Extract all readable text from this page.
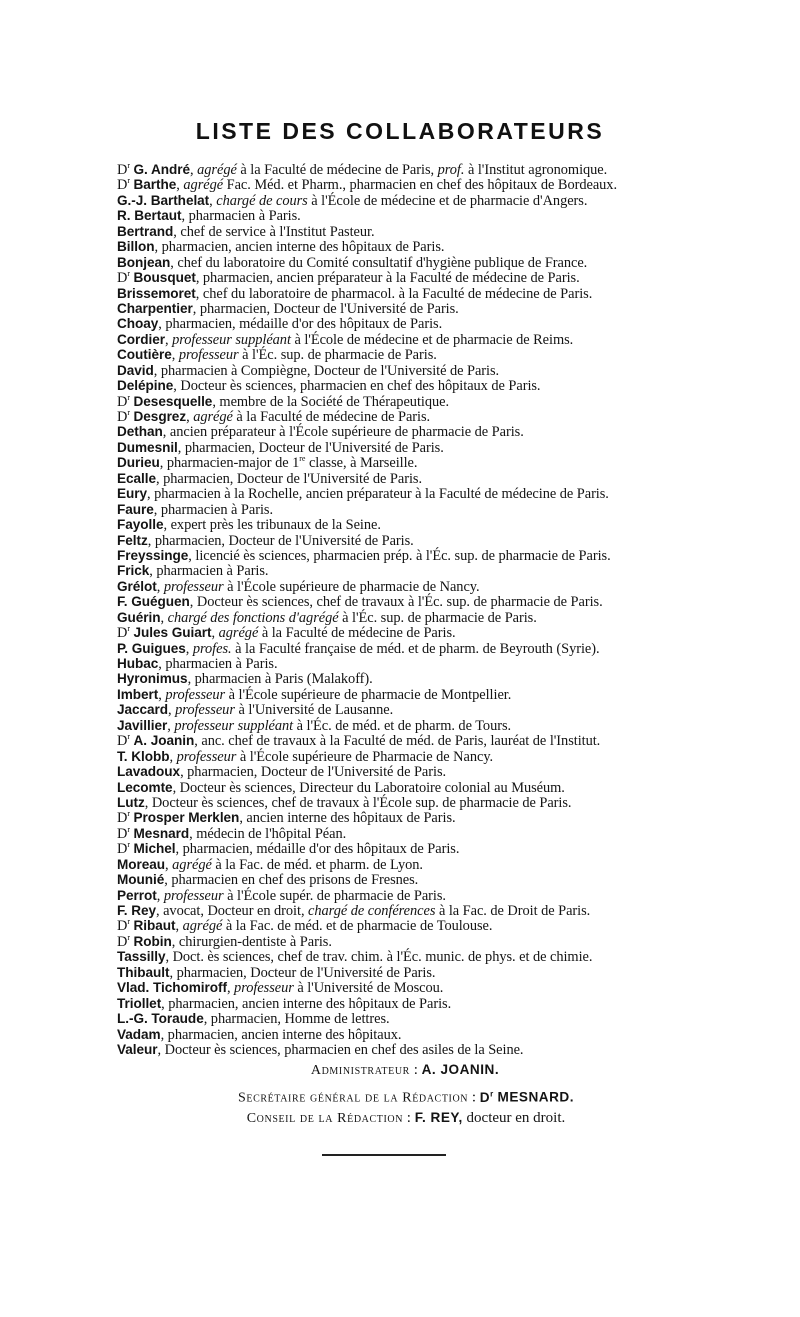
LISTE DES COLLABORATEURS
$D^r$ G. André, agrégé à la Faculté de médecine de Paris, prof. à l'Institut agronomique.
$D^r$ Barthe, agrégé Fac. Méd. et Pharm., pharmacien en chef des hôpitaux de Bordeaux.
G.-J. Barthelat, chargé de cours à l'École de médecine et de pharmacie d'Angers.
R. Bertaut, pharmacien à Paris.
Bertrand, chef de service à l'Institut Pasteur.
Billon, pharmacien, ancien interne des hôpitaux de Paris.
Bonjean, chef du laboratoire du Comité consultatif d'hygiène publique de France.
$D^r$ Bousquet, pharmacien, ancien préparateur à la Faculté de médecine de Paris.
Brissemoret, chef du laboratoire de pharmacol. à la Faculté de médecine de Paris.
Charpentier, pharmacien, Docteur de l'Université de Paris.
Choay, pharmacien, médaille d'or des hôpitaux de Paris.
Cordier, professeur suppléant à l'École de médecine et de pharmacie de Reims.
Coutière, professeur à l'Éc. sup. de pharmacie de Paris.
David, pharmacien à Compiègne, Docteur de l'Université de Paris.
Delépine, Docteur ès sciences, pharmacien en chef des hôpitaux de Paris.
$D^r$ Desesquelle, membre de la Société de Thérapeutique.
$D^r$ Desgrez, agrégé à la Faculté de médecine de Paris.
Dethan, ancien préparateur à l'École supérieure de pharmacie de Paris.
Dumesnil, pharmacien, Docteur de l'Université de Paris.
Durieu, pharmacien-major de 1re classe, à Marseille.
Ecalle, pharmacien, Docteur de l'Université de Paris.
Eury, pharmacien à la Rochelle, ancien préparateur à la Faculté de médecine de Paris.
Faure, pharmacien à Paris.
Fayolle, expert près les tribunaux de la Seine.
Feltz, pharmacien, Docteur de l'Université de Paris.
Freyssinge, licencié ès sciences, pharmacien prép. à l'Éc. sup. de pharmacie de Paris.
Frick, pharmacien à Paris.
Grélot, professeur à l'École supérieure de pharmacie de Nancy.
F. Guéguen, Docteur ès sciences, chef de travaux à l'Éc. sup. de pharmacie de Paris.
Guérin, chargé des fonctions d'agrégé à l'Éc. sup. de pharmacie de Paris.
$D^r$ Jules Guiart, agrégé à la Faculté de médecine de Paris.
P. Guigues, profes. à la Faculté française de méd. et de pharm. de Beyrouth (Syrie).
Hubac, pharmacien à Paris.
Hyronimus, pharmacien à Paris (Malakoff).
Imbert, professeur à l'École supérieure de pharmacie de Montpellier.
Jaccard, professeur à l'Université de Lausanne.
Javillier, professeur suppléant à l'Éc. de méd. et de pharm. de Tours.
$D^r$ A. Joanin, anc. chef de travaux à la Faculté de méd. de Paris, lauréat de l'Institut.
T. Klobb, professeur à l'École supérieure de Pharmacie de Nancy.
Lavadoux, pharmacien, Docteur de l'Université de Paris.
Lecomte, Docteur ès sciences, Directeur du Laboratoire colonial au Muséum.
Lutz, Docteur ès sciences, chef de travaux à l'École sup. de pharmacie de Paris.
$D^r$ Prosper Merklen, ancien interne des hôpitaux de Paris.
$D^r$ Mesnard, médecin de l'hôpital Péan.
$D^r$ Michel, pharmacien, médaille d'or des hôpitaux de Paris.
Moreau, agrégé à la Fac. de méd. et pharm. de Lyon.
Mounié, pharmacien en chef des prisons de Fresnes.
Perrot, professeur à l'École supér. de pharmacie de Paris.
F. Rey, avocat, Docteur en droit, chargé de conférences à la Fac. de Droit de Paris.
$D^r$ Ribaut, agrégé à la Fac. de méd. et de pharmacie de Toulouse.
$D^r$ Robin, chirurgien-dentiste à Paris.
Tassilly, Doct. ès sciences, chef de trav. chim. à l'Éc. munic. de phys. et de chimie.
Thibault, pharmacien, Docteur de l'Université de Paris.
Vlad. Tichomiroff, professeur à l'Université de Moscou.
Triollet, pharmacien, ancien interne des hôpitaux de Paris.
L.-G. Toraude, pharmacien, Homme de lettres.
Vadam, pharmacien, ancien interne des hôpitaux.
Valeur, Docteur ès sciences, pharmacien en chef des asiles de la Seine.
Administrateur : A. JOANIN.
Secrétaire général de la Rédaction : $D^r$ MESNARD.
Conseil de la Rédaction : F. REY, docteur en droit.
